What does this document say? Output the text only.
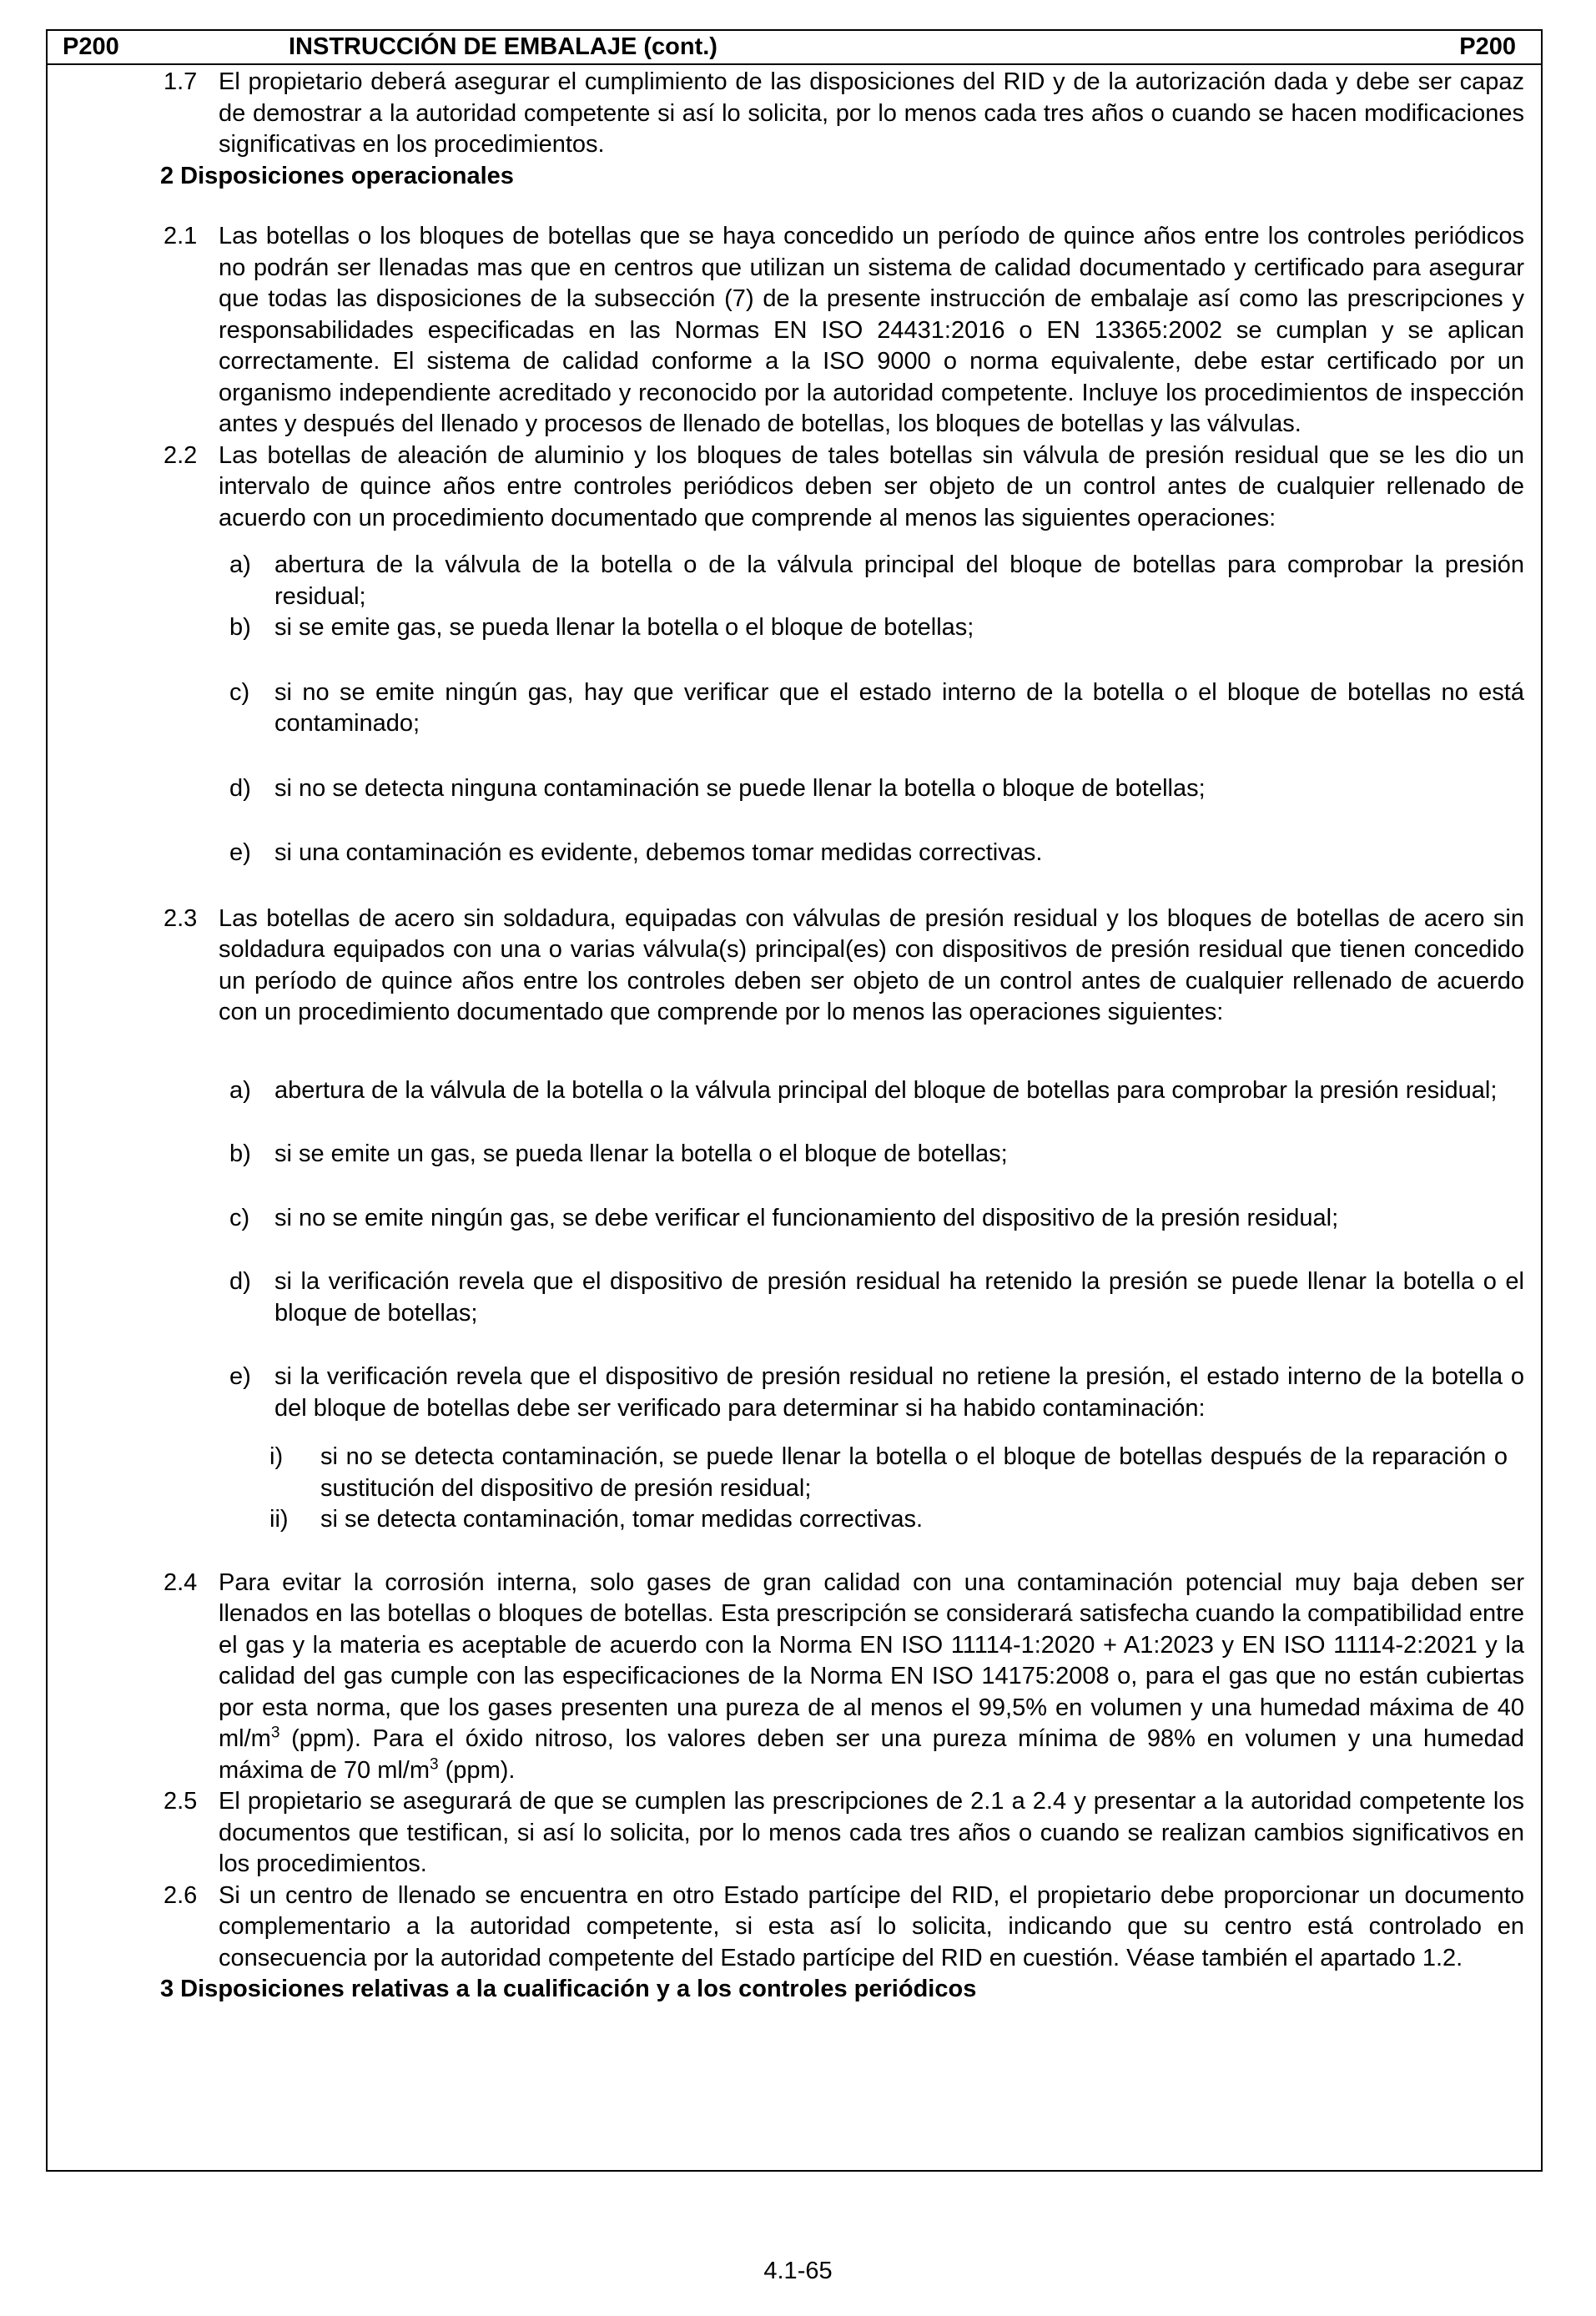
P200	INSTRUCCIÓN DE EMBALAJE (cont.)	P200
1.7 El propietario deberá asegurar el cumplimiento de las disposiciones del RID y de la autorización dada y debe ser capaz de demostrar a la autoridad competente si así lo solicita, por lo menos cada tres años o cuando se hacen modificaciones significativas en los procedimientos.
2 Disposiciones operacionales
2.1 Las botellas o los bloques de botellas que se haya concedido un período de quince años entre los controles periódicos no podrán ser llenadas mas que en centros que utilizan un sistema de calidad documentado y certificado para asegurar que todas las disposiciones de la subsección (7) de la presente instrucción de embalaje así como las prescripciones y responsabilidades especificadas en las Normas EN ISO 24431:2016 o EN 13365:2002 se cumplan y se aplican correctamente. El sistema de calidad conforme a la ISO 9000 o norma equivalente, debe estar certificado por un organismo independiente acreditado y reconocido por la autoridad competente. Incluye los procedimientos de inspección antes y después del llenado y procesos de llenado de botellas, los bloques de botellas y las válvulas.
2.2 Las botellas de aleación de aluminio y los bloques de tales botellas sin válvula de presión residual que se les dio un intervalo de quince años entre controles periódicos deben ser objeto de un control antes de cualquier rellenado de acuerdo con un procedimiento documentado que comprende al menos las siguientes operaciones:
a) abertura de la válvula de la botella o de la válvula principal del bloque de botellas para comprobar la presión residual;
b) si se emite gas, se pueda llenar la botella o el bloque de botellas;
c) si no se emite ningún gas, hay que verificar que el estado interno de la botella o el bloque de botellas no está contaminado;
d) si no se detecta ninguna contaminación se puede llenar la botella o bloque de botellas;
e) si una contaminación es evidente, debemos tomar medidas correctivas.
2.3 Las botellas de acero sin soldadura, equipadas con válvulas de presión residual y los bloques de botellas de acero sin soldadura equipados con una o varias válvula(s) principal(es) con dispositivos de presión residual que tienen concedido un período de quince años entre los controles deben ser objeto de un control antes de cualquier rellenado de acuerdo con un procedimiento documentado que comprende por lo menos las operaciones siguientes:
a) abertura de la válvula de la botella o la válvula principal del bloque de botellas para comprobar la presión residual;
b) si se emite un gas, se pueda llenar la botella o el bloque de botellas;
c) si no se emite ningún gas, se debe verificar el funcionamiento del dispositivo de la presión residual;
d) si la verificación revela que el dispositivo de presión residual ha retenido la presión se puede llenar la botella o el bloque de botellas;
e) si la verificación revela que el dispositivo de presión residual no retiene la presión, el estado interno de la botella o del bloque de botellas debe ser verificado para determinar si ha habido contaminación:
i) si no se detecta contaminación, se puede llenar la botella o el bloque de botellas después de la reparación o sustitución del dispositivo de presión residual;
ii) si se detecta contaminación, tomar medidas correctivas.
2.4 Para evitar la corrosión interna, solo gases de gran calidad con una contaminación potencial muy baja deben ser llenados en las botellas o bloques de botellas. Esta prescripción se considerará satisfecha cuando la compatibilidad entre el gas y la materia es aceptable de acuerdo con la Norma EN ISO 11114-1:2020 + A1:2023 y EN ISO 11114-2:2021 y la calidad del gas cumple con las especificaciones de la Norma EN ISO 14175:2008 o, para el gas que no están cubiertas por esta norma, que los gases presenten una pureza de al menos el 99,5% en volumen y una humedad máxima de 40 $ml/m^3$ (ppm). Para el óxido nitroso, los valores deben ser una pureza mínima de 98% en volumen y una humedad máxima de 70 $ml/m^3$ (ppm).
2.5 El propietario se asegurará de que se cumplen las prescripciones de 2.1 a 2.4 y presentar a la autoridad competente los documentos que testifican, si así lo solicita, por lo menos cada tres años o cuando se realizan cambios significativos en los procedimientos.
2.6 Si un centro de llenado se encuentra en otro Estado partícipe del RID, el propietario debe proporcionar un documento complementario a la autoridad competente, si esta así lo solicita, indicando que su centro está controlado en consecuencia por la autoridad competente del Estado partícipe del RID en cuestión. Véase también el apartado 1.2.
3 Disposiciones relativas a la cualificación y a los controles periódicos
4.1-65
